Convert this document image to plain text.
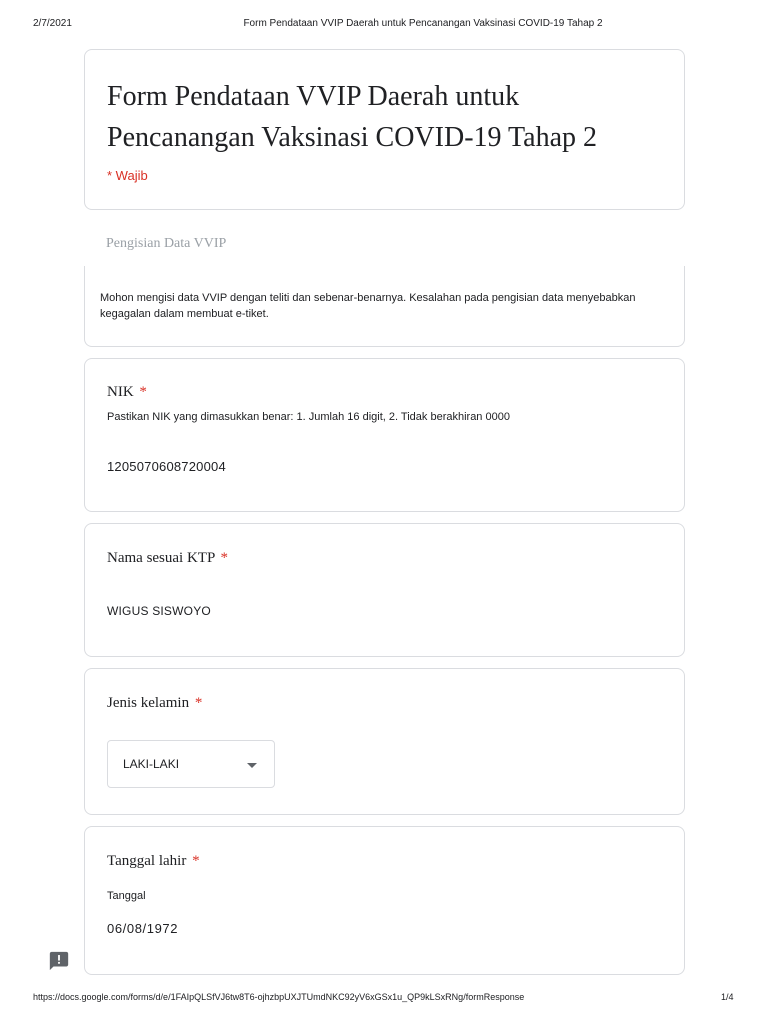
2/7/2021	Form Pendataan VVIP Daerah untuk Pencanangan Vaksinasi COVID-19 Tahap 2
Form Pendataan VVIP Daerah untuk Pencanangan Vaksinasi COVID-19 Tahap 2
* Wajib
Pengisian Data VVIP
Mohon mengisi data VVIP dengan teliti dan sebenar-benarnya. Kesalahan pada pengisian data menyebabkan kegagalan dalam membuat e-tiket.
NIK *
Pastikan NIK yang dimasukkan benar: 1. Jumlah 16 digit, 2. Tidak berakhiran 0000
1205070608720004
Nama sesuai KTP *
WIGUS SISWOYO
Jenis kelamin *
LAKI-LAKI
Tanggal lahir *
Tanggal
06/08/1972
https://docs.google.com/forms/d/e/1FAIpQLSfVJ6tw8T6-ojhzbpUXJTUmdNKC92yV6xGSx1u_QP9kLSxRNg/formResponse	1/4
